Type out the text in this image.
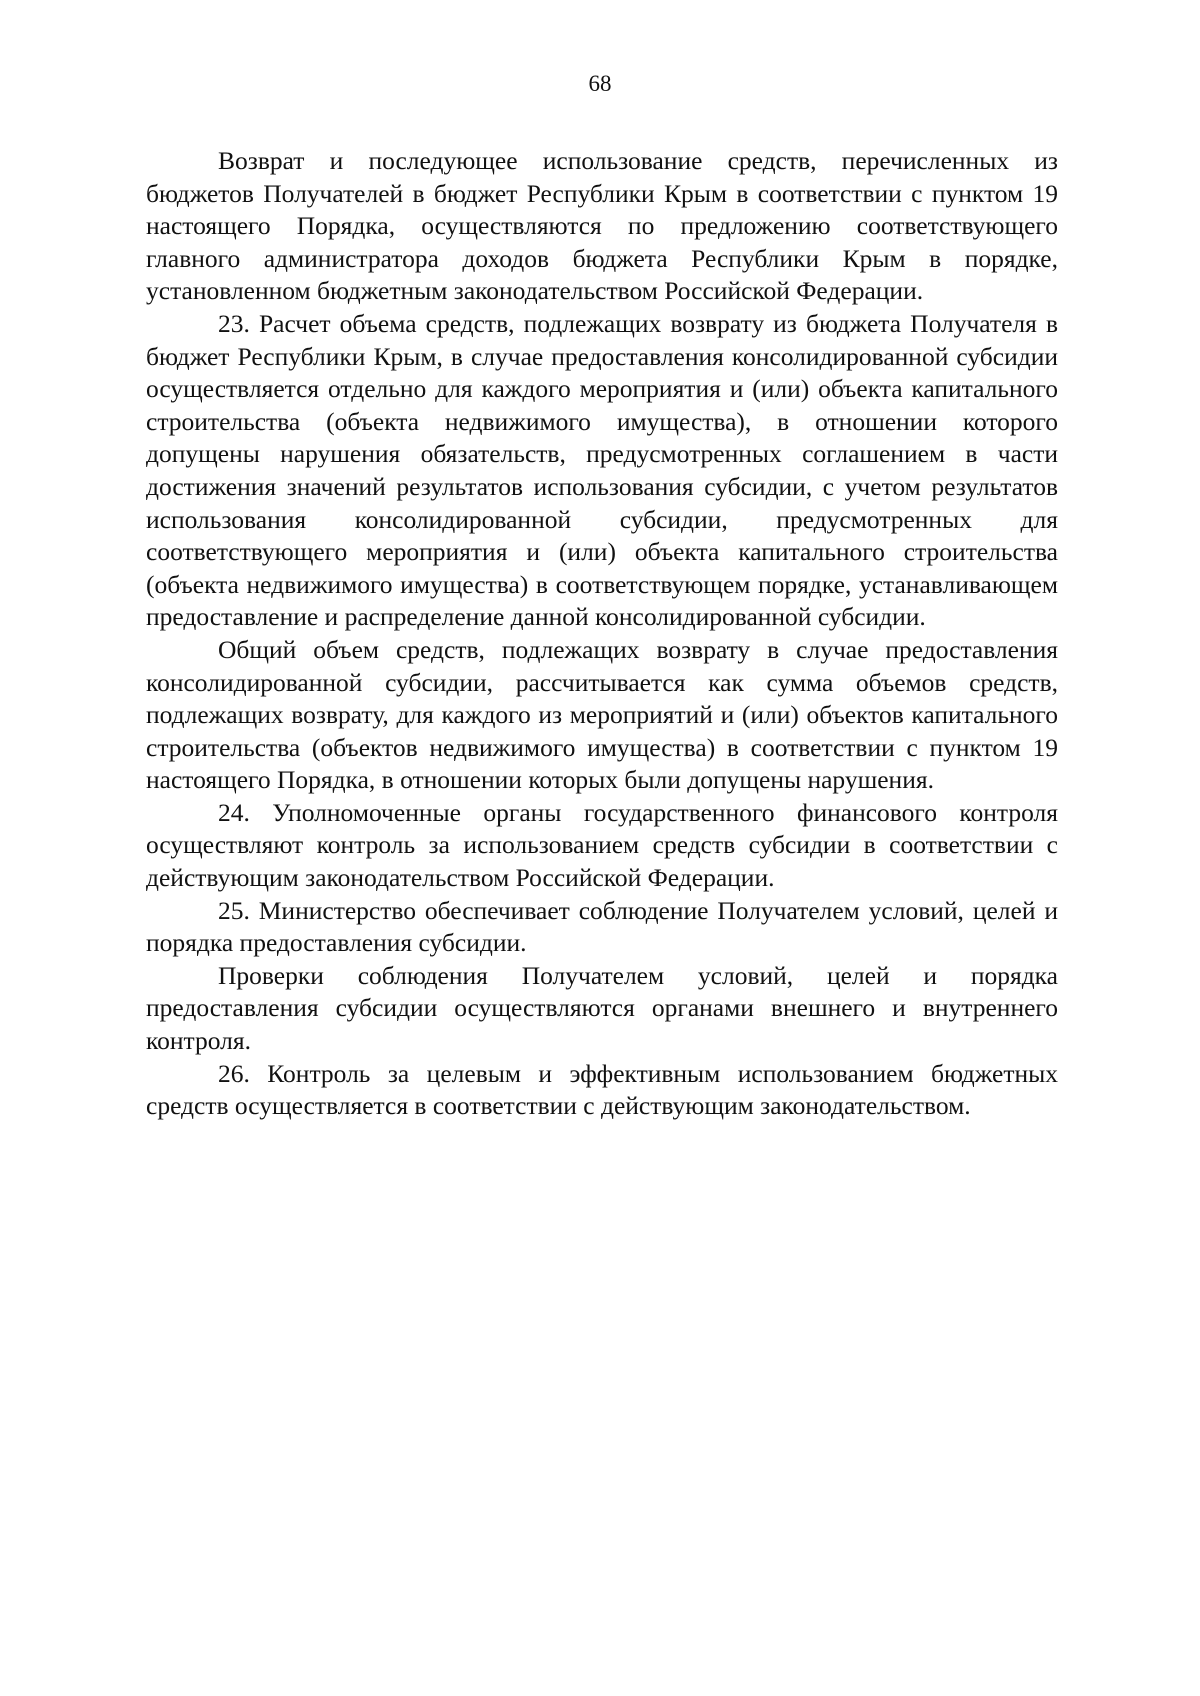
68

Возврат и последующее использование средств, перечисленных из бюджетов Получателей в бюджет Республики Крым в соответствии с пунктом 19 настоящего Порядка, осуществляются по предложению соответствующего главного администратора доходов бюджета Республики Крым в порядке, установленном бюджетным законодательством Российской Федерации.

23. Расчет объема средств, подлежащих возврату из бюджета Получателя в бюджет Республики Крым, в случае предоставления консолидированной субсидии осуществляется отдельно для каждого мероприятия и (или) объекта капитального строительства (объекта недвижимого имущества), в отношении которого допущены нарушения обязательств, предусмотренных соглашением в части достижения значений результатов использования субсидии, с учетом результатов использования консолидированной субсидии, предусмотренных для соответствующего мероприятия и (или) объекта капитального строительства (объекта недвижимого имущества) в соответствующем порядке, устанавливающем предоставление и распределение данной консолидированной субсидии.

Общий объем средств, подлежащих возврату в случае предоставления консолидированной субсидии, рассчитывается как сумма объемов средств, подлежащих возврату, для каждого из мероприятий и (или) объектов капитального строительства (объектов недвижимого имущества) в соответствии с пунктом 19 настоящего Порядка, в отношении которых были допущены нарушения.

24. Уполномоченные органы государственного финансового контроля осуществляют контроль за использованием средств субсидии в соответствии с действующим законодательством Российской Федерации.

25. Министерство обеспечивает соблюдение Получателем условий, целей и порядка предоставления субсидии.

Проверки соблюдения Получателем условий, целей и порядка предоставления субсидии осуществляются органами внешнего и внутреннего контроля.

26. Контроль за целевым и эффективным использованием бюджетных средств осуществляется в соответствии с действующим законодательством.
